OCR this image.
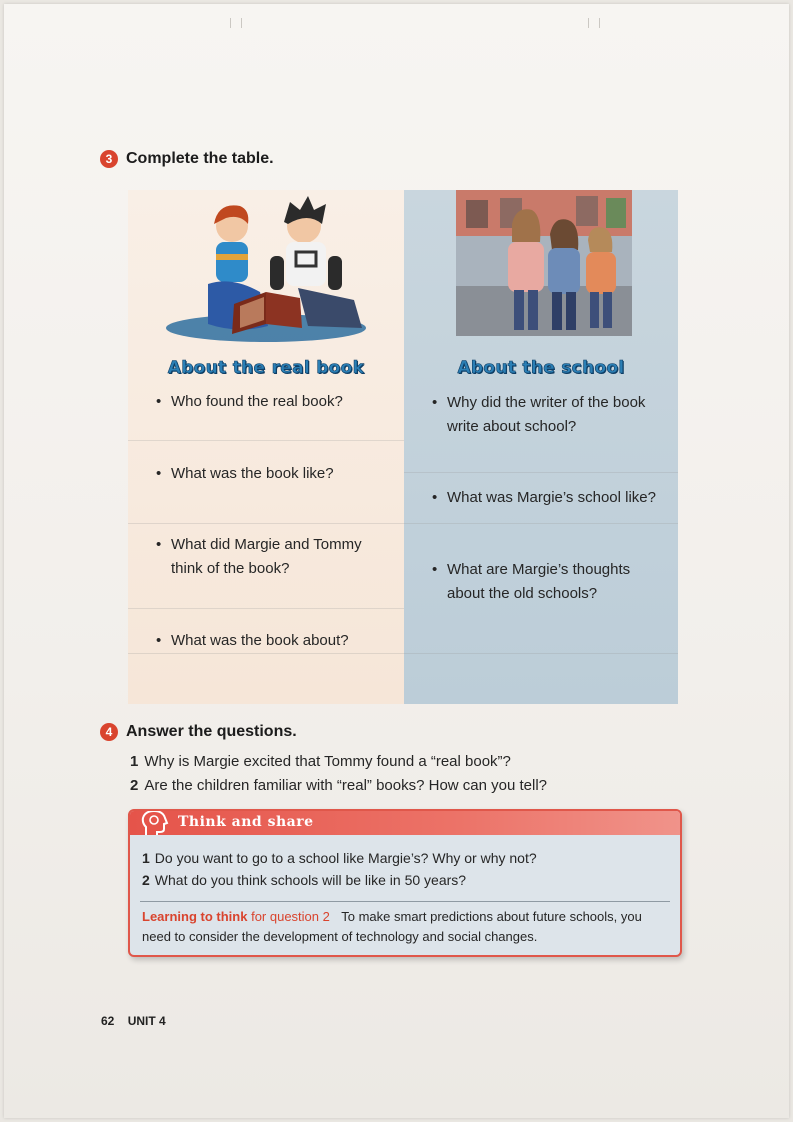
3 Complete the table.
About the real book
• Who found the real book?
• What was the book like?
• What did Margie and Tommy think of the book?
• What was the book about?
About the school
• Why did the writer of the book write about school?
• What was Margie’s school like?
• What are Margie’s thoughts about the old schools?
4 Answer the questions.
1 Why is Margie excited that Tommy found a “real book”?
2 Are the children familiar with “real” books? How can you tell?
Think and share
1 Do you want to go to a school like Margie’s? Why or why not?
2 What do you think schools will be like in 50 years?
Learning to think for question 2 To make smart predictions about future schools, you need to consider the development of technology and social changes.
62 UNIT 4
